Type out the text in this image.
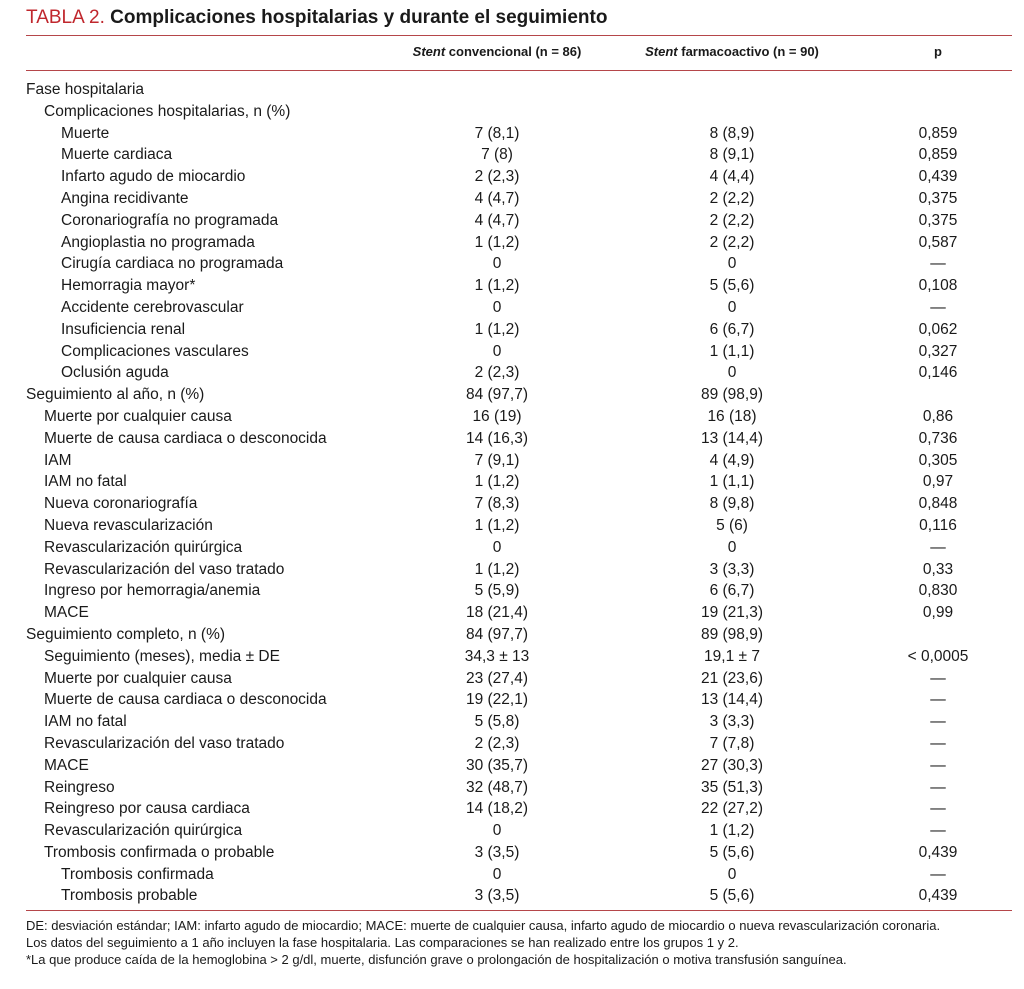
TABLA 2. Complicaciones hospitalarias y durante el seguimiento
Stent convencional (n = 86)	Stent farmacoactivo (n = 90)	p
Fase hospitalaria
Complicaciones hospitalarias, n (%)
Muerte	7 (8,1)	8 (8,9)	0,859
Muerte cardiaca	7 (8)	8 (9,1)	0,859
Infarto agudo de miocardio	2 (2,3)	4 (4,4)	0,439
Angina recidivante	4 (4,7)	2 (2,2)	0,375
Coronariografía no programada	4 (4,7)	2 (2,2)	0,375
Angioplastia no programada	1 (1,2)	2 (2,2)	0,587
Cirugía cardiaca no programada	0	0	—
Hemorragia mayor*	1 (1,2)	5 (5,6)	0,108
Accidente cerebrovascular	0	0	—
Insuficiencia renal	1 (1,2)	6 (6,7)	0,062
Complicaciones vasculares	0	1 (1,1)	0,327
Oclusión aguda	2 (2,3)	0	0,146
Seguimiento al año, n (%)	84 (97,7)	89 (98,9)
Muerte por cualquier causa	16 (19)	16 (18)	0,86
Muerte de causa cardiaca o desconocida	14 (16,3)	13 (14,4)	0,736
IAM	7 (9,1)	4 (4,9)	0,305
IAM no fatal	1 (1,2)	1 (1,1)	0,97
Nueva coronariografía	7 (8,3)	8 (9,8)	0,848
Nueva revascularización	1 (1,2)	5 (6)	0,116
Revascularización quirúrgica	0	0	—
Revascularización del vaso tratado	1 (1,2)	3 (3,3)	0,33
Ingreso por hemorragia/anemia	5 (5,9)	6 (6,7)	0,830
MACE	18 (21,4)	19 (21,3)	0,99
Seguimiento completo, n (%)	84 (97,7)	89 (98,9)
Seguimiento (meses), media ± DE	34,3 ± 13	19,1 ± 7	< 0,0005
Muerte por cualquier causa	23 (27,4)	21 (23,6)	—
Muerte de causa cardiaca o desconocida	19 (22,1)	13 (14,4)	—
IAM no fatal	5 (5,8)	3 (3,3)	—
Revascularización del vaso tratado	2 (2,3)	7 (7,8)	—
MACE	30 (35,7)	27 (30,3)	—
Reingreso	32 (48,7)	35 (51,3)	—
Reingreso por causa cardiaca	14 (18,2)	22 (27,2)	—
Revascularización quirúrgica	0	1 (1,2)	—
Trombosis confirmada o probable	3 (3,5)	5 (5,6)	0,439
Trombosis confirmada	0	0	—
Trombosis probable	3 (3,5)	5 (5,6)	0,439
DE: desviación estándar; IAM: infarto agudo de miocardio; MACE: muerte de cualquier causa, infarto agudo de miocardio o nueva revascularización coronaria.
Los datos del seguimiento a 1 año incluyen la fase hospitalaria. Las comparaciones se han realizado entre los grupos 1 y 2.
*La que produce caída de la hemoglobina > 2 g/dl, muerte, disfunción grave o prolongación de hospitalización o motiva transfusión sanguínea.
